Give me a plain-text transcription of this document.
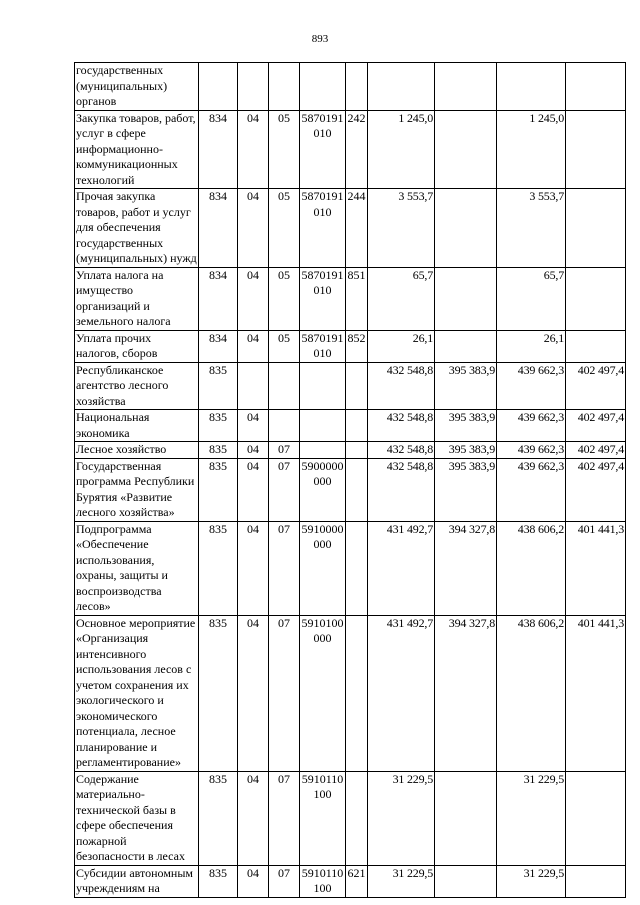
893
государственных (муниципальных) органов									
Закупка товаров, работ, услуг в сфере информационно-коммуникационных технологий	834	04	05	5870191010	242	1 245,0		1 245,0	
Прочая закупка товаров, работ и услуг для обеспечения государственных (муниципальных) нужд	834	04	05	5870191010	244	3 553,7		3 553,7	
Уплата налога на имущество организаций и земельного налога	834	04	05	5870191010	851	65,7		65,7	
Уплата прочих налогов, сборов	834	04	05	5870191010	852	26,1		26,1	
Республиканское агентство лесного хозяйства	835					432 548,8	395 383,9	439 662,3	402 497,4
Национальная экономика	835	04				432 548,8	395 383,9	439 662,3	402 497,4
Лесное хозяйство	835	04	07			432 548,8	395 383,9	439 662,3	402 497,4
Государственная программа Республики Бурятия «Развитие лесного хозяйства»	835	04	07	5900000000		432 548,8	395 383,9	439 662,3	402 497,4
Подпрограмма «Обеспечение использования, охраны, защиты и воспроизводства лесов»	835	04	07	5910000000		431 492,7	394 327,8	438 606,2	401 441,3
Основное мероприятие «Организация интенсивного использования лесов с учетом сохранения их экологического и экономического потенциала, лесное планирование и регламентирование»	835	04	07	5910100000		431 492,7	394 327,8	438 606,2	401 441,3
Содержание материально-технической базы в сфере обеспечения пожарной безопасности в лесах	835	04	07	5910110100		31 229,5		31 229,5	
Субсидии автономным учреждениям на	835	04	07	5910110100	621	31 229,5		31 229,5	
